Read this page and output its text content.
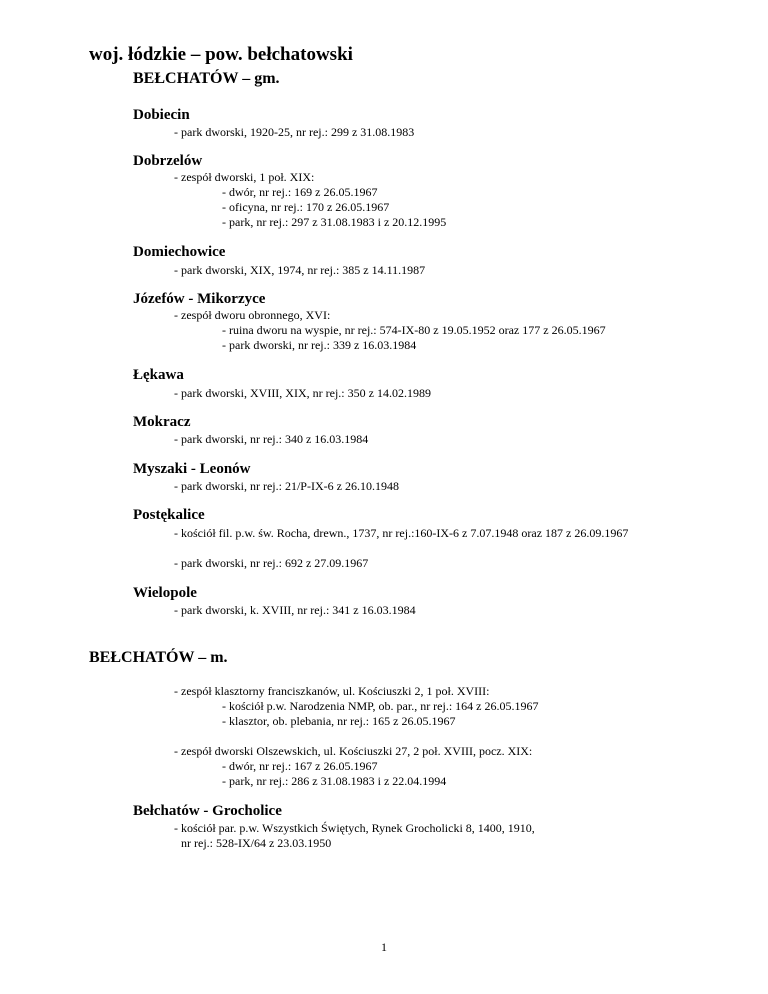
woj. łódzkie – pow. bełchatowski
BEŁCHATÓW – gm.
Dobiecin
- park dworski, 1920-25, nr rej.: 299 z 31.08.1983
Dobrzelów
- zespół dworski, 1 poł. XIX:
- dwór, nr rej.: 169 z 26.05.1967
- oficyna, nr rej.: 170 z 26.05.1967
- park, nr rej.: 297 z 31.08.1983 i z 20.12.1995
Domiechowice
- park dworski, XIX, 1974, nr rej.: 385 z 14.11.1987
Józefów - Mikorzyce
- zespół dworu obronnego, XVI:
- ruina dworu na wyspie, nr rej.: 574-IX-80 z 19.05.1952 oraz 177 z 26.05.1967
- park dworski, nr rej.: 339 z 16.03.1984
Łękawa
- park dworski, XVIII, XIX, nr rej.: 350 z 14.02.1989
Mokracz
- park dworski, nr rej.: 340 z 16.03.1984
Myszaki - Leonów
- park dworski, nr rej.: 21/P-IX-6 z 26.10.1948
Postękalice
- kościół fil. p.w. św. Rocha, drewn., 1737, nr rej.:160-IX-6 z 7.07.1948 oraz 187 z 26.09.1967
- park dworski, nr rej.: 692 z 27.09.1967
Wielopole
- park dworski, k. XVIII, nr rej.: 341 z 16.03.1984
BEŁCHATÓW – m.
- zespół klasztorny franciszkanów, ul. Kościuszki 2, 1 poł. XVIII:
- kościół p.w. Narodzenia NMP, ob. par., nr rej.: 164 z 26.05.1967
- klasztor, ob. plebania, nr rej.: 165 z 26.05.1967
- zespół dworski Olszewskich, ul. Kościuszki 27, 2 poł. XVIII, pocz. XIX:
- dwór, nr rej.: 167 z 26.05.1967
- park, nr rej.: 286 z 31.08.1983 i z 22.04.1994
Bełchatów - Grocholice
- kościół par. p.w. Wszystkich Świętych, Rynek Grocholicki 8, 1400, 1910,
nr rej.: 528-IX/64 z 23.03.1950
1
